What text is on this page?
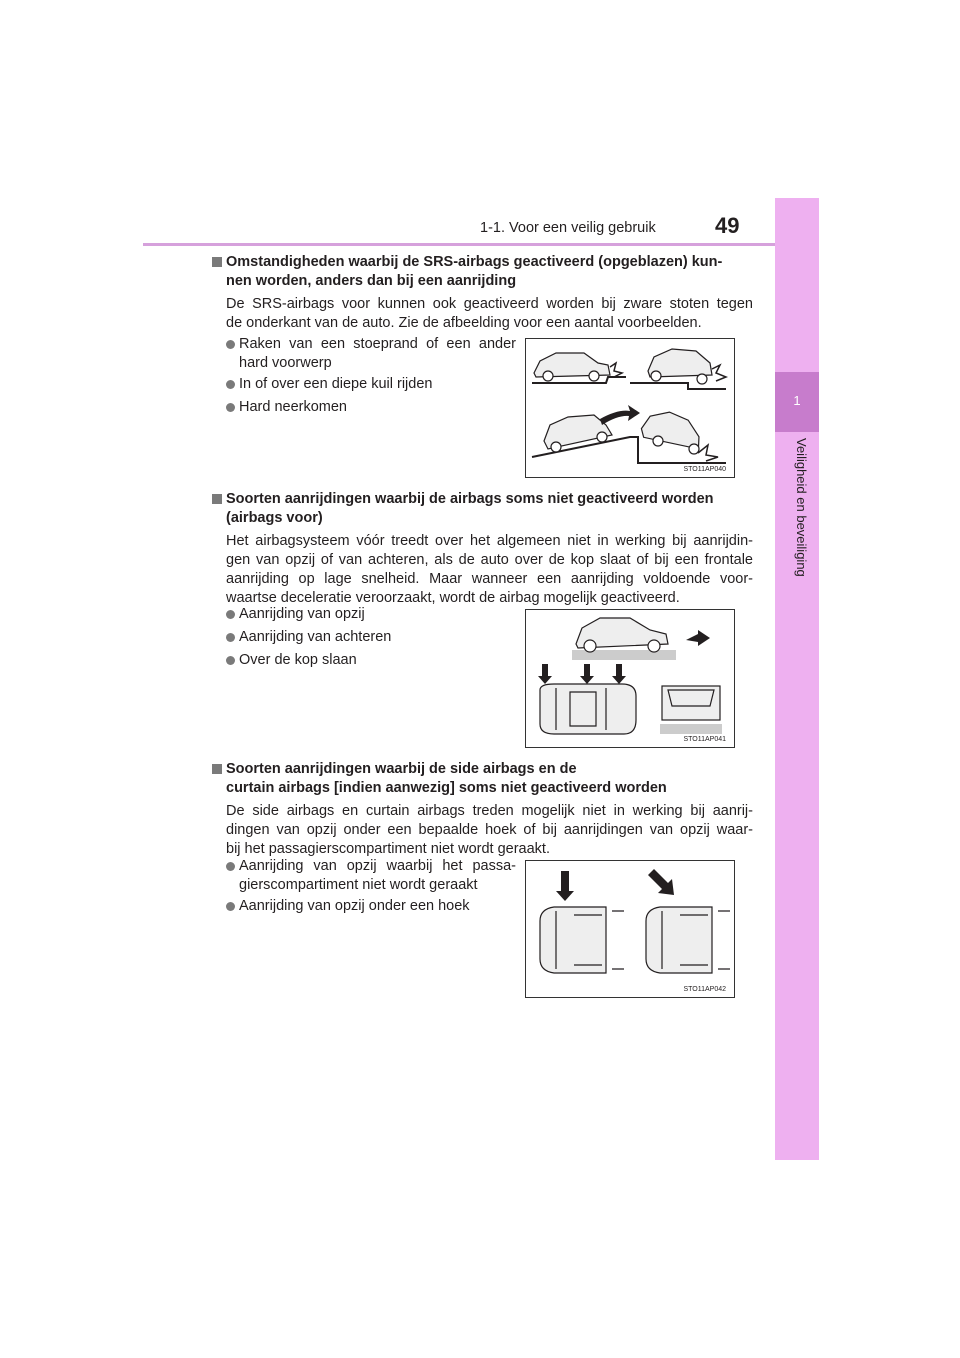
1-1. Voor een veilig gebruik	49
1
Veiligheid en beveiliging
Omstandigheden waarbij de SRS-airbags geactiveerd (opgeblazen) kun-
nen worden, anders dan bij een aanrijding
De SRS-airbags voor kunnen ook geactiveerd worden bij zware stoten tegen
de onderkant van de auto. Zie de afbeelding voor een aantal voorbeelden.
Raken van een stoeprand of een ander
hard voorwerp
In of over een diepe kuil rijden
Hard neerkomen
STO11AP040
Soorten aanrijdingen waarbij de airbags soms niet geactiveerd worden
(airbags voor)
Het airbagsysteem vóór treedt over het algemeen niet in werking bij aanrijdin-
gen van opzij of van achteren, als de auto over de kop slaat of bij een frontale
aanrijding op lage snelheid. Maar wanneer een aanrijding voldoende voor-
waartse deceleratie veroorzaakt, wordt de airbag mogelijk geactiveerd.
Aanrijding van opzij
Aanrijding van achteren
Over de kop slaan
STO11AP041
Soorten aanrijdingen waarbij de side airbags en de
curtain airbags [indien aanwezig] soms niet geactiveerd worden
De side airbags en curtain airbags treden mogelijk niet in werking bij aanrij-
dingen van opzij onder een bepaalde hoek of bij aanrijdingen van opzij waar-
bij het passagierscompartiment niet wordt geraakt.
Aanrijding van opzij waarbij het passa-
gierscompartiment niet wordt geraakt
Aanrijding van opzij onder een hoek
STO11AP042
